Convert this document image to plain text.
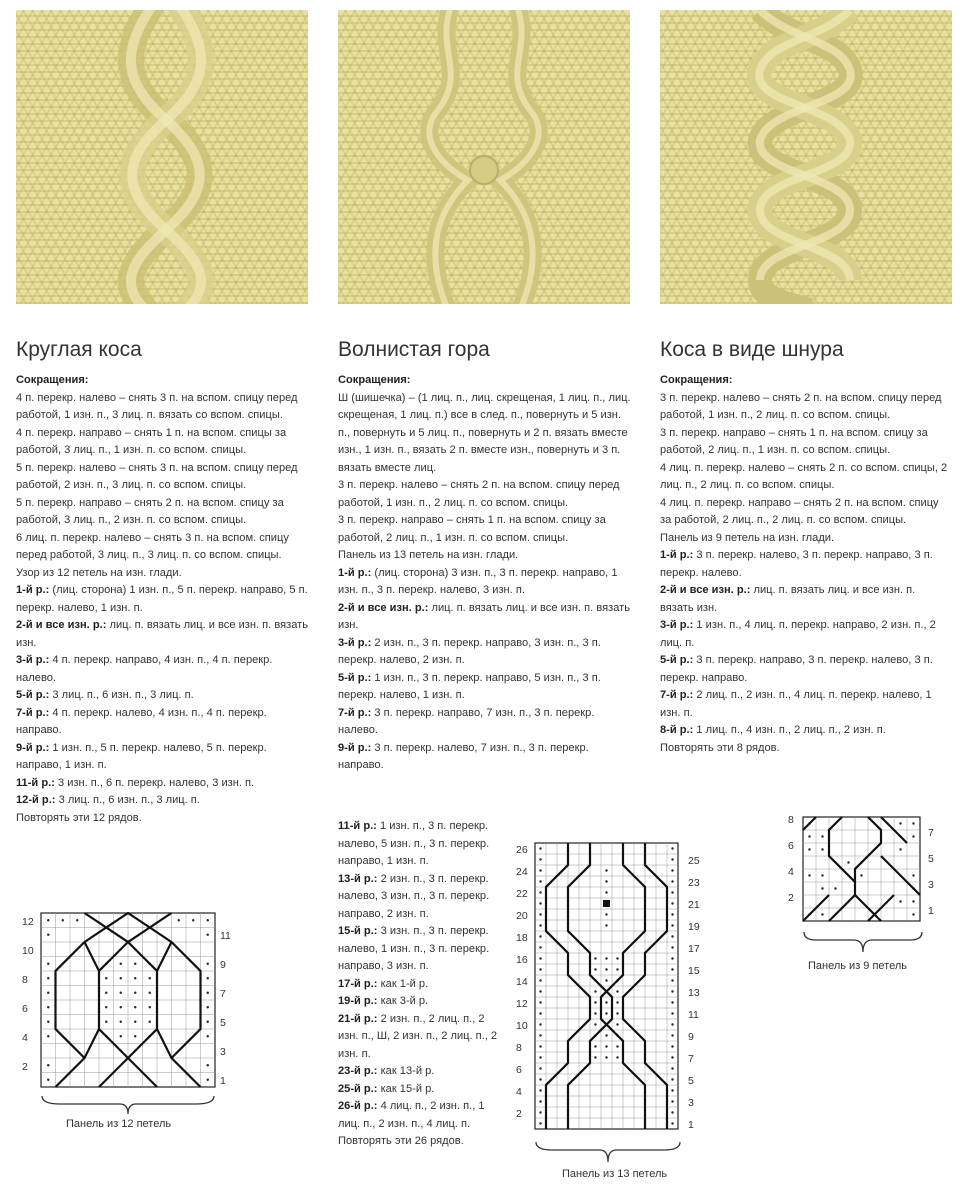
Круглая коса

Сокращения:

4 п. перекр. налево – снять 3 п. на вспом. спицу перед работой, 1 изн. п., 3 лиц. п. вязать со вспом. спицы.

4 п. перекр. направо – снять 1 п. на вспом. спицы за работой, 3 лиц. п., 1 изн. п. со вспом. спицы.

5 п. перекр. налево – снять 3 п. на вспом. спицу перед работой, 2 изн. п., 3 лиц. п. со вспом. спицы.

5 п. перекр. направо – снять 2 п. на вспом. спицу за работой, 3 лиц. п., 2 изн. п. со вспом. спицы.

6 лиц. п. перекр. налево – снять 3 п. на вспом. спицу перед работой, 3 лиц. п., 3 лиц. п. со вспом. спицы.

Узор из 12 петель на изн. глади.

1-й р.: (лиц. сторона) 1 изн. п., 5 п. перекр. направо, 5 п. перекр. налево, 1 изн. п.

2-й и все изн. р.: лиц. п. вязать лиц. и все изн. п. вязать изн.

3-й р.: 4 п. перекр. направо, 4 изн. п., 4 п. перекр. налево.

5-й р.: 3 лиц. п., 6 изн. п., 3 лиц. п.

7-й р.: 4 п. перекр. налево, 4 изн. п., 4 п. перекр. направо.

9-й р.: 1 изн. п., 5 п. перекр. налево, 5 п. перекр. направо, 1 изн. п.

11-й р.: 3 изн. п., 6 п. перекр. налево, 3 изн. п.

12-й р.: 3 лиц. п., 6 изн. п., 3 лиц. п.

Повторять эти 12 рядов.

12
10
8
6
4
2
11
9
7
5
3
1
Панель из 12 петель
Волнистая гора

Сокращения:

Ш (шишечка) – (1 лиц. п., лиц. скрещеная, 1 лиц. п., лиц. скрещеная, 1 лиц. п.) все в след. п., повернуть и 5 изн. п., повернуть и 5 лиц. п., повернуть и 2 п. вязать вместе изн., 1 изн. п., вязать 2 п. вместе изн., повернуть и 3 п. вязать вместе лиц.

3 п. перекр. налево – снять 2 п. на вспом. спицу перед работой, 1 изн. п., 2 лиц. п. со вспом. спицы.

3 п. перекр. направо – снять 1 п. на вспом. спицу за работой, 2 лиц. п., 1 изн. п. со вспом. спицы.

Панель из 13 петель на изн. глади.

1-й р.: (лиц. сторона) 3 изн. п., 3 п. перекр. направо, 1 изн. п., 3 п. перекр. налево, 3 изн. п.

2-й и все изн. р.: лиц. п. вязать лиц. и все изн. п. вязать изн.

3-й р.: 2 изн. п., 3 п. перекр. направо, 3 изн. п., 3 п. перекр. налево, 2 изн. п.

5-й р.: 1 изн. п., 3 п. перекр. направо, 5 изн. п., 3 п. перекр. налево, 1 изн. п.

7-й р.: 3 п. перекр. направо, 7 изн. п., 3 п. перекр. налево.

9-й р.: 3 п. перекр. налево, 7 изн. п., 3 п. перекр. направо.

11-й р.: 1 изн. п., 3 п. перекр. налево, 5 изн. п., 3 п. перекр. направо, 1 изн. п.

13-й р.: 2 изн. п., 3 п. перекр. налево, 3 изн. п., 3 п. перекр. направо, 2 изн. п.

15-й р.: 3 изн. п., 3 п. перекр. налево, 1 изн. п., 3 п. перекр. направо, 3 изн. п.

17-й р.: как 1-й р.

19-й р.: как 3-й р.

21-й р.: 2 изн. п., 2 лиц. п., 2 изн. п., Ш, 2 изн. п., 2 лиц. п., 2 изн. п.

23-й р.: как 13-й р.

25-й р.: как 15-й р.

26-й р.: 4 лиц. п., 2 изн. п., 1 лиц. п., 2 изн. п., 4 лиц. п.

Повторять эти 26 рядов.

26
24
22
20
18
16
14
12
10
8
6
4
2
25
23
21
19
17
15
13
11
9
7
5
3
1
Панель из 13 петель
Коса в виде шнура

Сокращения:

3 п. перекр. налево – снять 2 п. на вспом. спицу перед работой, 1 изн. п., 2 лиц. п. со вспом. спицы.

3 п. перекр. направо – снять 1 п. на вспом. спицу за работой, 2 лиц. п., 1 изн. п. со вспом. спицы.

4 лиц. п. перекр. налево – снять 2 п. со вспом. спицы, 2 лиц. п., 2 лиц. п. со вспом. спицы.

4 лиц. п. перекр. направо – снять 2 п. на вспом. спицу за работой, 2 лиц. п., 2 лиц. п. со вспом. спицы.

Панель из 9 петель на изн. глади.

1-й р.: 3 п. перекр. налево, 3 п. перекр. направо, 3 п. перекр. налево.

2-й и все изн. р.: лиц. п. вязать лиц. и все изн. п. вязать изн.

3-й р.: 1 изн. п., 4 лиц. п. перекр. направо, 2 изн. п., 2 лиц. п.

5-й р.: 3 п. перекр. направо, 3 п. перекр. налево, 3 п. перекр. направо.

7-й р.: 2 лиц. п., 2 изн. п., 4 лиц. п. перекр. налево, 1 изн. п.

8-й р.: 1 лиц. п., 4 изн. п., 2 лиц. п., 2 изн. п.

Повторять эти 8 рядов.

8
6
4
2
7
5
3
1
Панель из 9 петель
